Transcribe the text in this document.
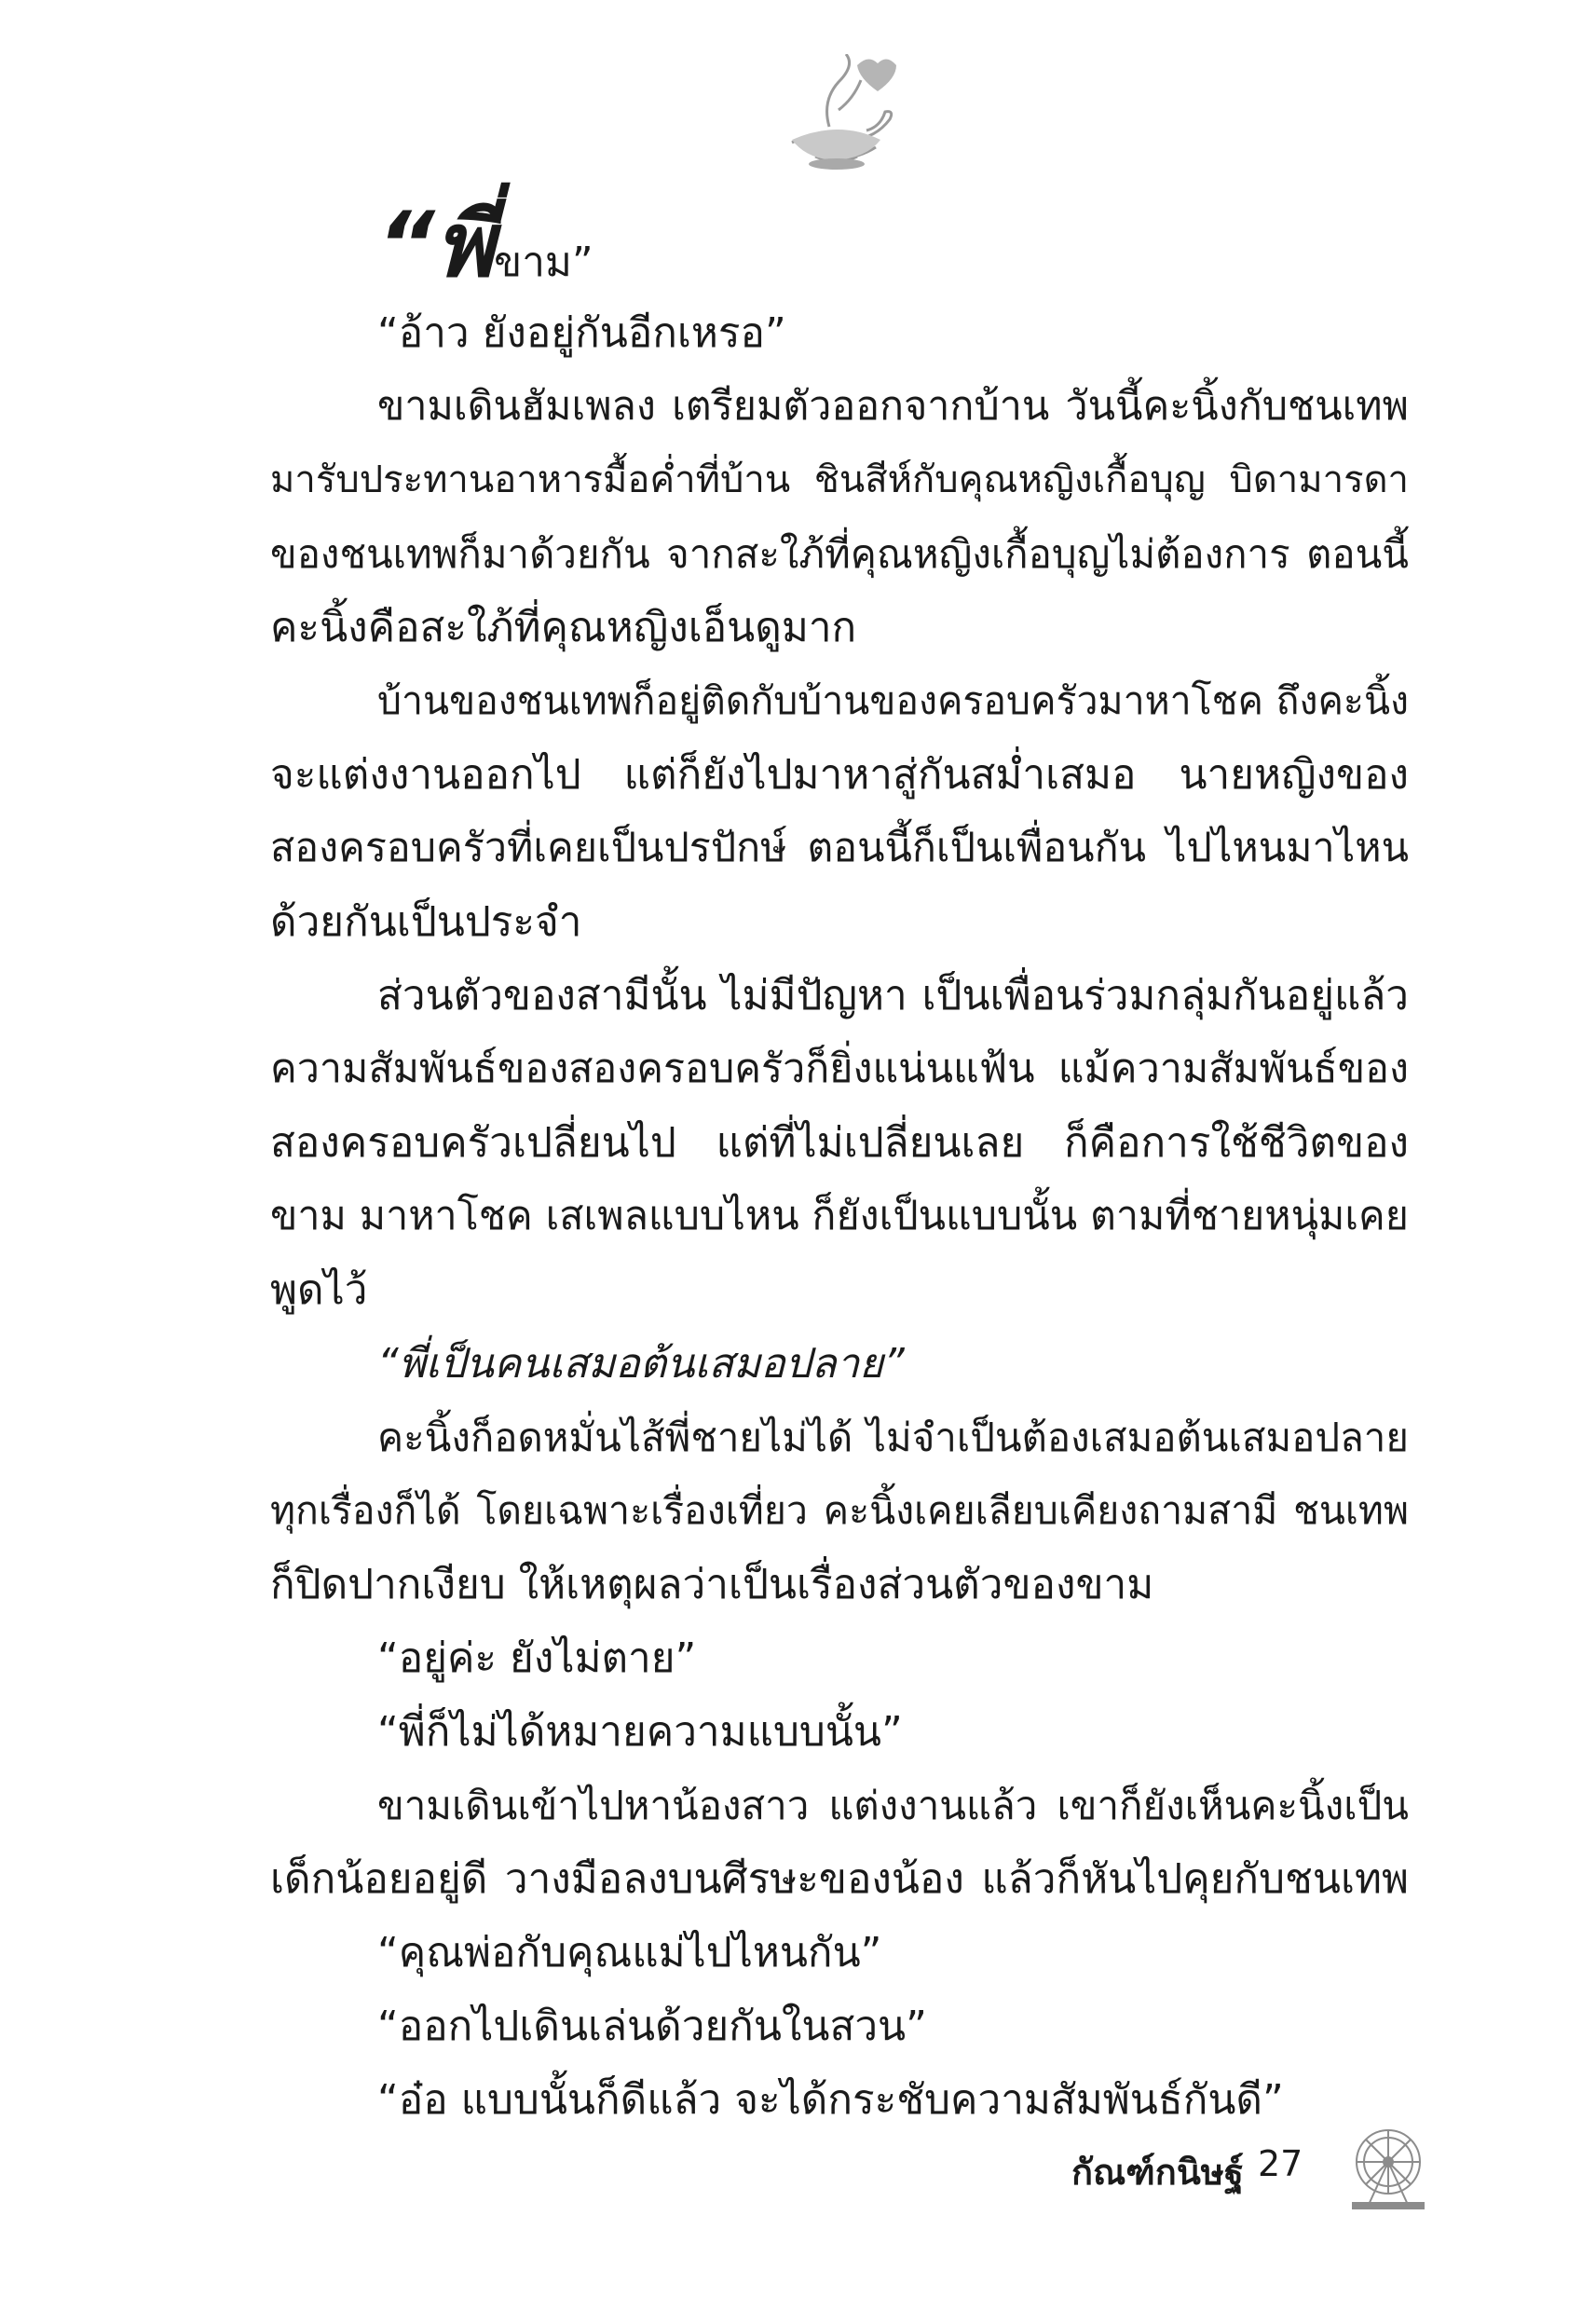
“พี่ขาม”

“อ้าว ยังอยู่กันอีกเหรอ”

ขามเดินฮัมเพลง เตรียมตัวออกจากบ้าน วันนี้คะนิ้งกับชนเทพ

มารับประทานอาหารมื้อค่ำที่บ้าน ชินสีห์กับคุณหญิงเกื้อบุญ บิดามารดา

ของชนเทพก็มาด้วยกัน จากสะใภ้ที่คุณหญิงเกื้อบุญไม่ต้องการ ตอนนี้

คะนิ้งคือสะใภ้ที่คุณหญิงเอ็นดูมาก

บ้านของชนเทพก็อยู่ติดกับบ้านของครอบครัวมาหาโชค ถึงคะนิ้ง

จะแต่งงานออกไป แต่ก็ยังไปมาหาสู่กันสม่ำเสมอ นายหญิงของ

สองครอบครัวที่เคยเป็นปรปักษ์ ตอนนี้ก็เป็นเพื่อนกัน ไปไหนมาไหน

ด้วยกันเป็นประจำ

ส่วนตัวของสามีนั้น ไม่มีปัญหา เป็นเพื่อนร่วมกลุ่มกันอยู่แล้ว

ความสัมพันธ์ของสองครอบครัวก็ยิ่งแน่นแฟ้น แม้ความสัมพันธ์ของ

สองครอบครัวเปลี่ยนไป แต่ที่ไม่เปลี่ยนเลย ก็คือการใช้ชีวิตของ

ขาม มาหาโชค เสเพลแบบไหน ก็ยังเป็นแบบนั้น ตามที่ชายหนุ่มเคย

พูดไว้

“พี่เป็นคนเสมอต้นเสมอปลาย”

คะนิ้งก็อดหมั่นไส้พี่ชายไม่ได้ ไม่จำเป็นต้องเสมอต้นเสมอปลาย

ทุกเรื่องก็ได้ โดยเฉพาะเรื่องเที่ยว คะนิ้งเคยเลียบเคียงถามสามี ชนเทพ

ก็ปิดปากเงียบ ให้เหตุผลว่าเป็นเรื่องส่วนตัวของขาม

“อยู่ค่ะ ยังไม่ตาย”

“พี่ก็ไม่ได้หมายความแบบนั้น”

ขามเดินเข้าไปหาน้องสาว แต่งงานแล้ว เขาก็ยังเห็นคะนิ้งเป็น

เด็กน้อยอยู่ดี วางมือลงบนศีรษะของน้อง แล้วก็หันไปคุยกับชนเทพ

“คุณพ่อกับคุณแม่ไปไหนกัน”

“ออกไปเดินเล่นด้วยกันในสวน”

“อ๋อ แบบนั้นก็ดีแล้ว จะได้กระชับความสัมพันธ์กันดี”

กัณฑ์กนิษฐ์ 27
